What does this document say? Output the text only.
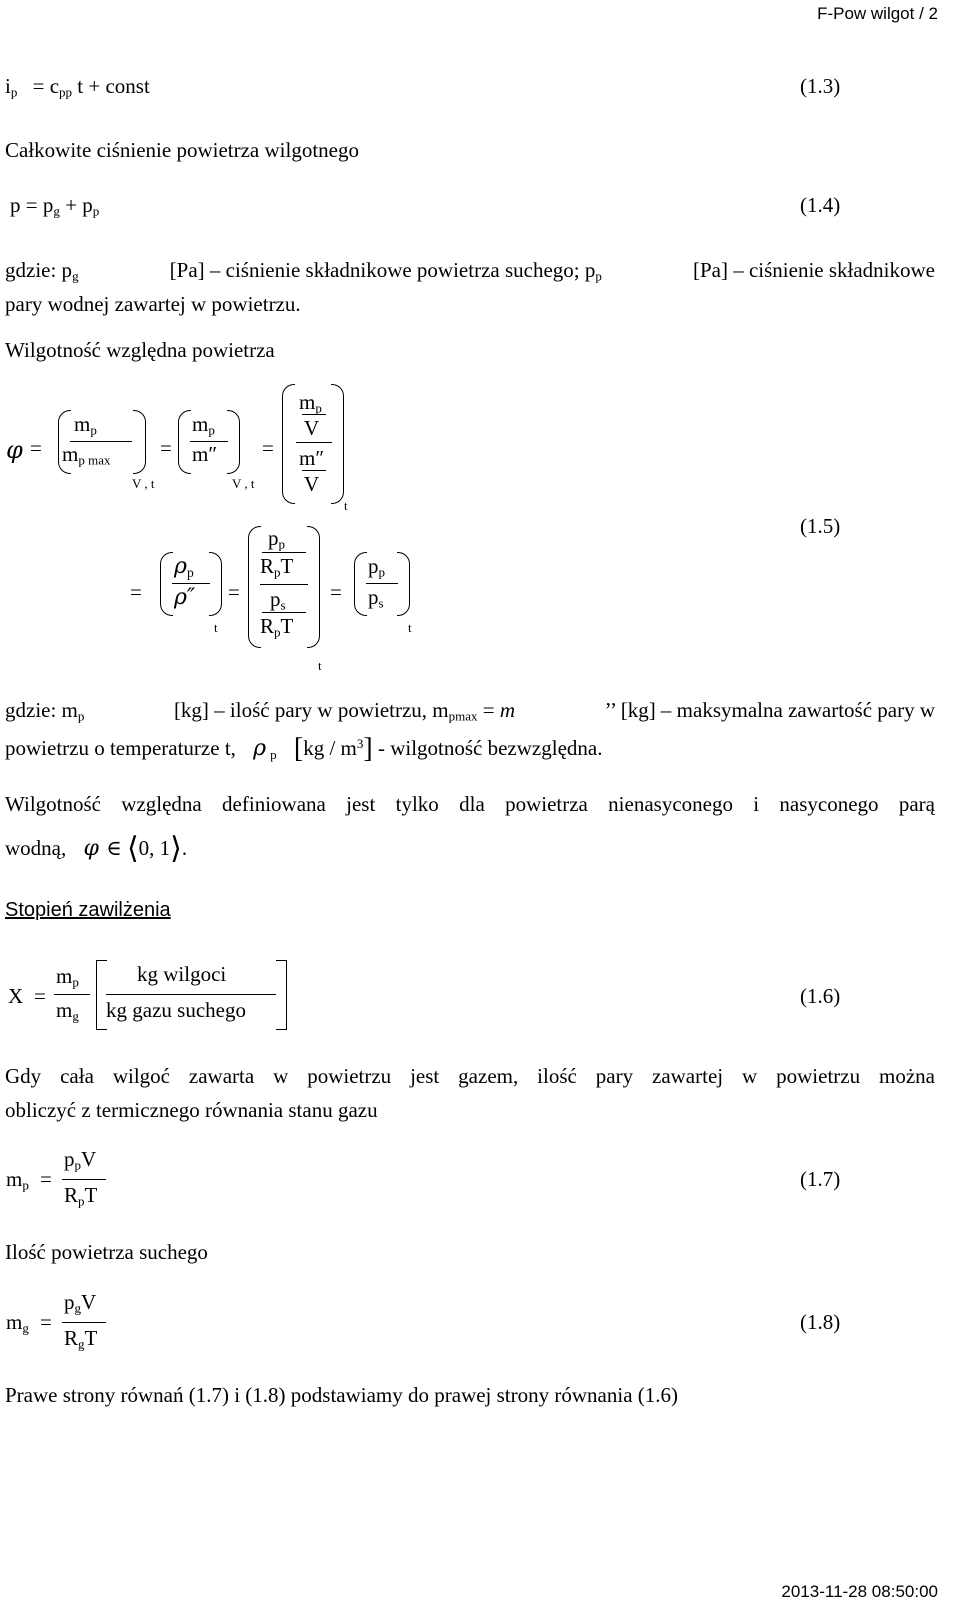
F-Pow wilgot / 2
$i_p = c_{pp}$ t + const	(1.3)
Całkowite ciśnienie powietrza wilgotnego
$p = p_g + p_p$	(1.4)
gdzie: $p_g$	[Pa] – ciśnienie składnikowe powietrza suchego; $p_p$	[Pa] – ciśnienie składnikowe
pary wodnej zawartej w powietrzu.
Wilgotność względna powietrza
φ =
$m_p$
$m_{p max}$
V , t
=
$m_p$
m″
V , t
=
$m_p$
V
m″
V
t
=
$\rho_p$
ρ″
t
=
$p_p$
$R_pT$
$p_s$
$R_pT$
t
=
$p_p$
$p_s$
t
(1.5)
gdzie: $m_p$	[kg] – ilość pary w powietrzu, $m_{pmax} = m$	’’ [kg] – maksymalna zawartość pary w
powietrzu o temperaturze t, ρ $_p$ $[kg / m^3]$ - wilgotność bezwzględna.
Wilgotność względna definiowana jest tylko dla powietrza nienasyconego i nasyconego parą
wodną, φ ∈ ⟨0, 1⟩.
Stopień zawilżenia
X =
$m_p$
$m_g$
kg wilgoci
kg gazu suchego
(1.6)
Gdy cała wilgoć zawarta w powietrzu jest gazem, ilość pary zawartej w powietrzu można
obliczyć z termicznego równania stanu gazu
$m_p$ =
$p_pV$
$R_pT$
(1.7)
Ilość powietrza suchego
$m_g$ =
$p_gV$
$R_gT$
(1.8)
Prawe strony równań (1.7) i (1.8) podstawiamy do prawej strony równania (1.6)
2013-11-28 08:50:00
